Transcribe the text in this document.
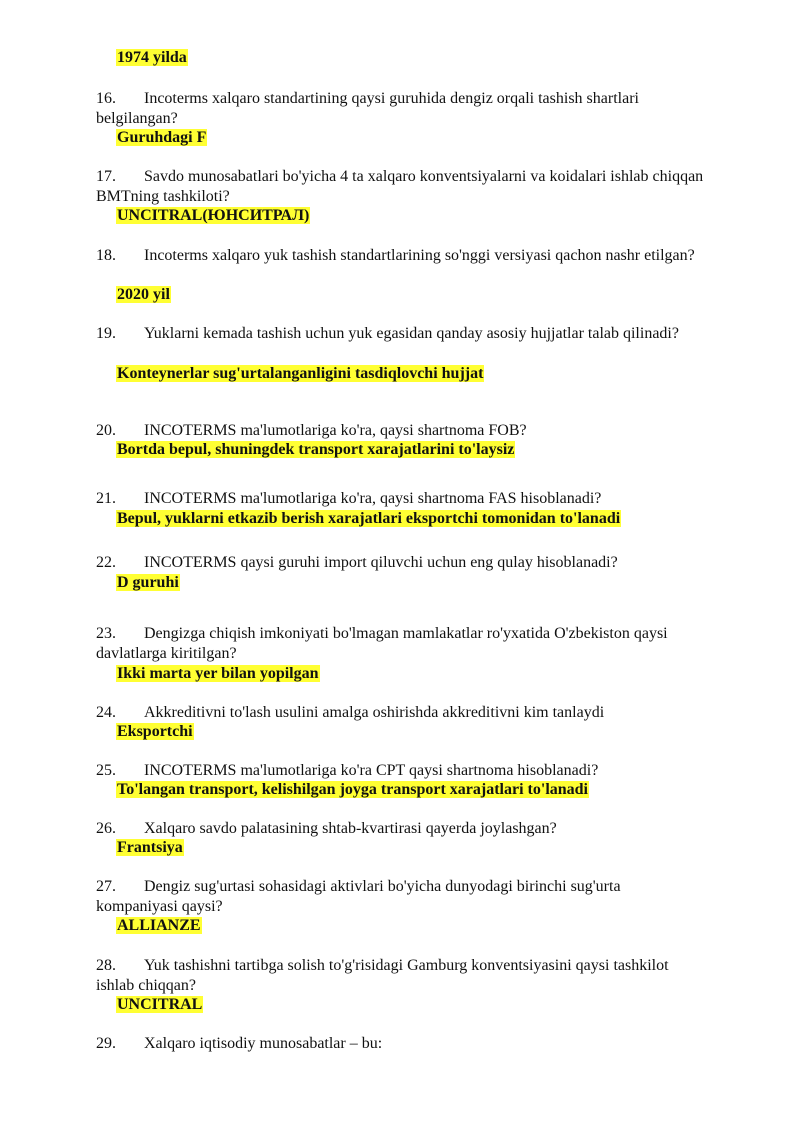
1974 yilda
16. Incoterms xalqaro standartining qaysi guruhida dengiz orqali tashish shartlari belgilangan?
Guruhdagi F
17. Savdo munosabatlari bo'yicha 4 ta xalqaro konventsiyalarni va koidalari ishlab chiqqan BMTning tashkiloti?
UNCITRAL(ЮНСИТРАЛ)
18. Incoterms xalqaro yuk tashish standartlarining so'nggi versiyasi qachon nashr etilgan?
2020 yil
19. Yuklarni kemada tashish uchun yuk egasidan qanday asosiy hujjatlar talab qilinadi?
Konteynerlar sug'urtalanganligini tasdiqlovchi hujjat
20. INCOTERMS ma'lumotlariga ko'ra, qaysi shartnoma FOB?
Bortda bepul, shuningdek transport xarajatlarini to'laysiz
21. INCOTERMS ma'lumotlariga ko'ra, qaysi shartnoma FAS hisoblanadi?
Bepul, yuklarni etkazib berish xarajatlari eksportchi tomonidan to'lanadi
22. INCOTERMS qaysi guruhi import qiluvchi uchun eng qulay hisoblanadi?
D guruhi
23. Dengizga chiqish imkoniyati bo'lmagan mamlakatlar ro'yxatida O'zbekiston qaysi davlatlarga kiritilgan?
Ikki marta yer bilan yopilgan
24. Akkreditivni to'lash usulini amalga oshirishda akkreditivni kim tanlaydi
Eksportchi
25. INCOTERMS ma'lumotlariga ko'ra CPT qaysi shartnoma hisoblanadi?
To'langan transport, kelishilgan joyga transport xarajatlari to'lanadi
26. Xalqaro savdo palatasining shtab-kvartirasi qayerda joylashgan?
Frantsiya
27. Dengiz sug'urtasi sohasidagi aktivlari bo'yicha dunyodagi birinchi sug'urta kompaniyasi qaysi?
ALLIANZE
28. Yuk tashishni tartibga solish to'g'risidagi Gamburg konventsiyasini qaysi tashkilot ishlab chiqqan?
UNCITRAL
29. Xalqaro iqtisodiy munosabatlar – bu:
